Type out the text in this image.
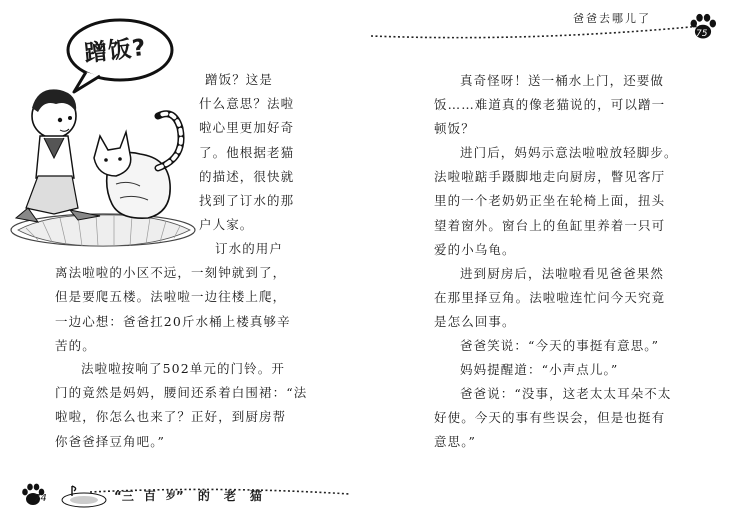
蹭饭?
蹭饭？这是
什么意思？法啦
啦心里更加好奇
了。他根据老猫
的描述，很快就
找到了订水的那
户人家。
订水的用户
离法啦啦的小区不远，一刻钟就到了，
但是要爬五楼。法啦啦一边往楼上爬，
一边心想：爸爸扛20斤水桶上楼真够辛
苦的。
法啦啦按响了502单元的门铃。开
门的竟然是妈妈，腰间还系着白围裙：“法
啦啦，你怎么也来了？正好，到厨房帮
你爸爸择豆角吧。”
74	“三 百 岁” 的 老 猫
爸爸去哪儿了
75
真奇怪呀！送一桶水上门，还要做
饭……难道真的像老猫说的，可以蹭一
顿饭？
进门后，妈妈示意法啦啦放轻脚步。
法啦啦踮手蹑脚地走向厨房，瞥见客厅
里的一个老奶奶正坐在轮椅上面，扭头
望着窗外。窗台上的鱼缸里养着一只可
爱的小乌龟。
进到厨房后，法啦啦看见爸爸果然
在那里择豆角。法啦啦连忙问今天究竟
是怎么回事。
爸爸笑说：“今天的事挺有意思。”
妈妈提醒道：“小声点儿。”
爸爸说：“没事，这老太太耳朵不太
好使。今天的事有些误会，但是也挺有
意思。”
